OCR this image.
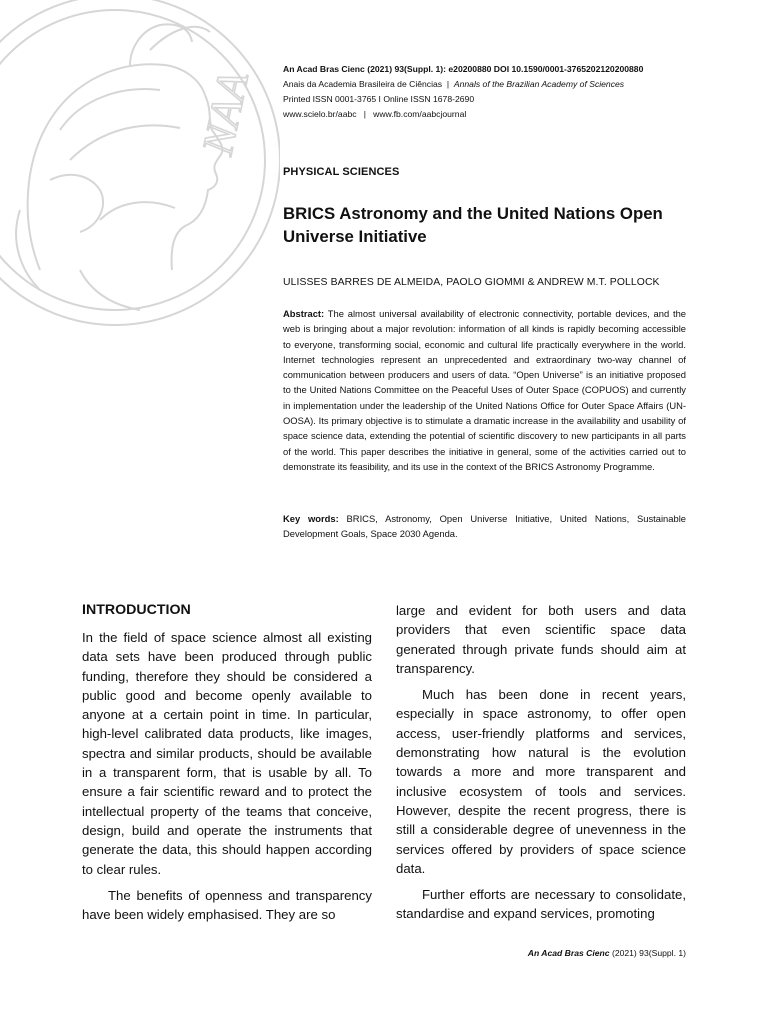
NAA	An Acad Bras Cienc (2021) 93(Suppl. 1): e20200880 DOI 10.1590/0001-3765202120200880
Anais da Academia Brasileira de Ciências | Annals of the Brazilian Academy of Sciences
Printed ISSN 0001-3765 I Online ISSN 1678-2690
www.scielo.br/aabc   |   www.fb.com/aabcjournal
PHYSICAL SCIENCES
BRICS Astronomy and the United Nations Open Universe Initiative
ULISSES BARRES DE ALMEIDA, PAOLO GIOMMI & ANDREW M.T. POLLOCK
Abstract: The almost universal availability of electronic connectivity, portable devices, and the web is bringing about a major revolution: information of all kinds is rapidly becoming accessible to everyone, transforming social, economic and cultural life practically everywhere in the world. Internet technologies represent an unprecedented and extraordinary two-way channel of communication between producers and users of data. “Open Universe” is an initiative proposed to the United Nations Committee on the Peaceful Uses of Outer Space (COPUOS) and currently in implementation under the leadership of the United Nations Office for Outer Space Affairs (UN-OOSA). Its primary objective is to stimulate a dramatic increase in the availability and usability of space science data, extending the potential of scientific discovery to new participants in all parts of the world. This paper describes the initiative in general, some of the activities carried out to demonstrate its feasibility, and its use in the context of the BRICS Astronomy Programme.
Key words: BRICS, Astronomy, Open Universe Initiative, United Nations, Sustainable Development Goals, Space 2030 Agenda.
INTRODUCTION

In the field of space science almost all existing data sets have been produced through public funding, therefore they should be considered a public good and become openly available to anyone at a certain point in time. In particular, high-level calibrated data products, like images, spectra and similar products, should be available in a transparent form, that is usable by all. To ensure a fair scientific reward and to protect the intellectual property of the teams that conceive, design, build and operate the instruments that generate the data, this should happen according to clear rules.

The benefits of openness and transparency have been widely emphasised. They are so

large and evident for both users and data providers that even scientific space data generated through private funds should aim at transparency.

Much has been done in recent years, especially in space astronomy, to offer open access, user-friendly platforms and services, demonstrating how natural is the evolution towards a more and more transparent and inclusive ecosystem of tools and services. However, despite the recent progress, there is still a considerable degree of unevenness in the services offered by providers of space science data.

Further efforts are necessary to consolidate, standardise and expand services, promoting

An Acad Bras Cienc (2021) 93(Suppl. 1)
